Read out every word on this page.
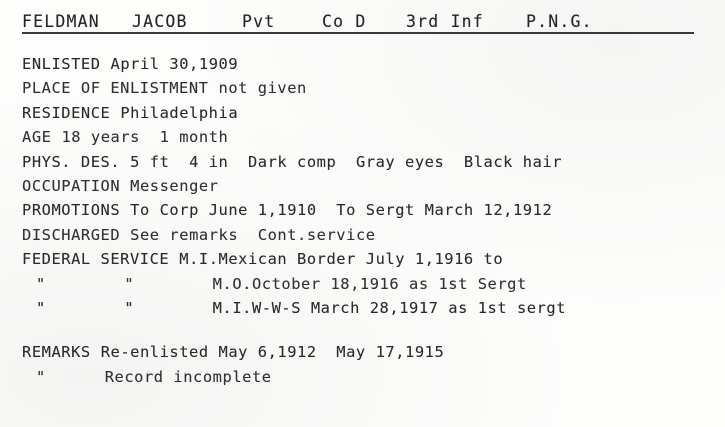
FELDMAN	JACOB	Pvt	Co D	3rd Inf	P.N.G.
ENLISTED April 30,1909
PLACE OF ENLISTMENT not given
RESIDENCE Philadelphia
AGE 18 years  1 month
PHYS. DES. 5 ft  4 in  Dark comp  Gray eyes  Black hair
OCCUPATION Messenger
PROMOTIONS To Corp June 1,1910  To Sergt March 12,1912
DISCHARGED See remarks  Cont.service
FEDERAL SERVICE M.I.Mexican Border July 1,1916 to
"        "        M.O.October 18,1916 as 1st Sergt
"        "        M.I.W-W-S March 28,1917 as 1st sergt
REMARKS Re-enlisted May 6,1912  May 17,1915
"      Record incomplete
